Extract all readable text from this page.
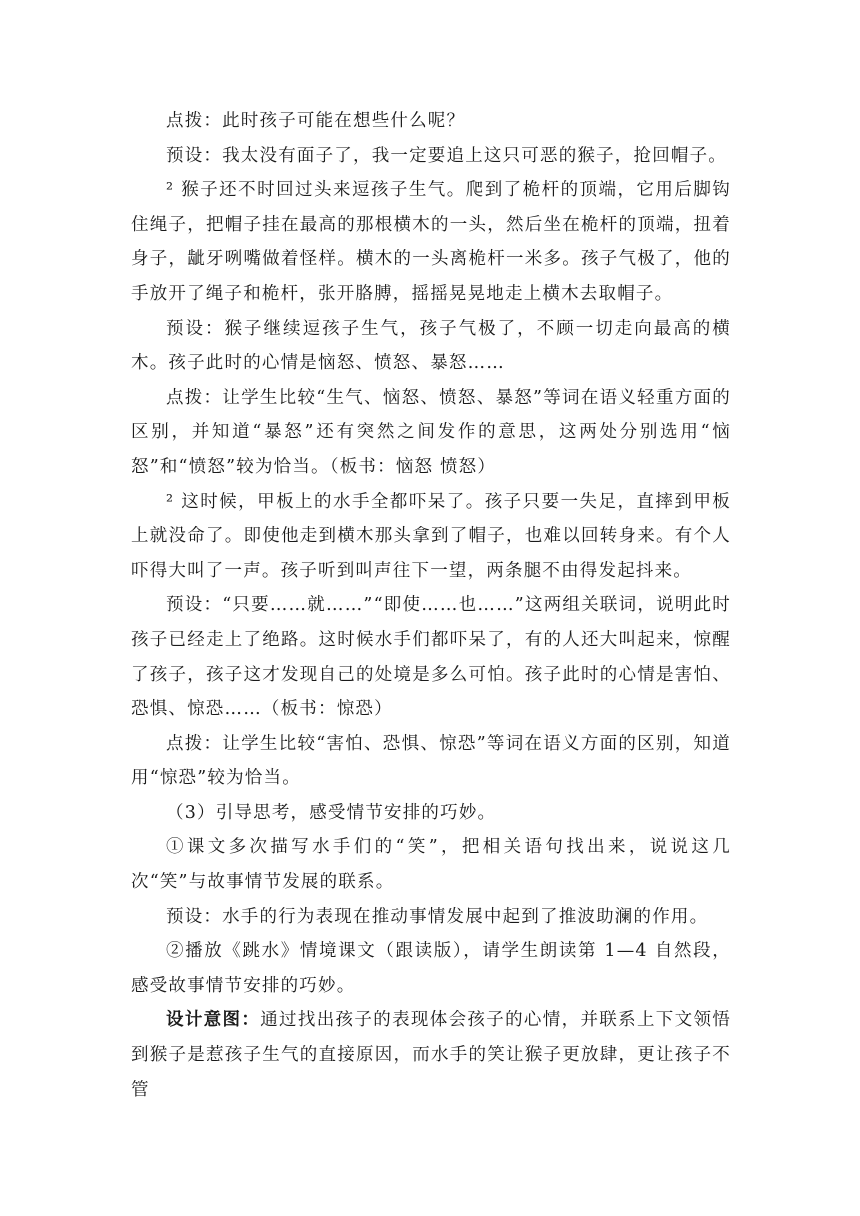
点拨：此时孩子可能在想些什么呢？

预设：我太没有面子了，我一定要追上这只可恶的猴子，抢回帽子。

² 猴子还不时回过头来逗孩子生气。爬到了桅杆的顶端，它用后脚钩住绳子，把帽子挂在最高的那根横木的一头，然后坐在桅杆的顶端，扭着身子，龇牙咧嘴做着怪样。横木的一头离桅杆一米多。孩子气极了，他的手放开了绳子和桅杆，张开胳膊，摇摇晃晃地走上横木去取帽子。

预设：猴子继续逗孩子生气，孩子气极了，不顾一切走向最高的横木。孩子此时的心情是恼怒、愤怒、暴怒……

点拨：让学生比较“生气、恼怒、愤怒、暴怒”等词在语义轻重方面的区别，并知道“暴怒”还有突然之间发作的意思，这两处分别选用“恼怒”和“愤怒”较为恰当。（板书：恼怒 愤怒）

² 这时候，甲板上的水手全都吓呆了。孩子只要一失足，直摔到甲板上就没命了。即使他走到横木那头拿到了帽子，也难以回转身来。有个人吓得大叫了一声。孩子听到叫声往下一望，两条腿不由得发起抖来。

预设：“只要……就……”“即使……也……”这两组关联词，说明此时孩子已经走上了绝路。这时候水手们都吓呆了，有的人还大叫起来，惊醒了孩子，孩子这才发现自己的处境是多么可怕。孩子此时的心情是害怕、恐惧、惊恐……（板书：惊恐）

点拨：让学生比较“害怕、恐惧、惊恐”等词在语义方面的区别，知道用“惊恐”较为恰当。

（3）引导思考，感受情节安排的巧妙。

①课文多次描写水手们的“笑”，把相关语句找出来，说说这几次“笑”与故事情节发展的联系。

预设：水手的行为表现在推动事情发展中起到了推波助澜的作用。

②播放《跳水》情境课文（跟读版），请学生朗读第 1—4 自然段，感受故事情节安排的巧妙。

设计意图：通过找出孩子的表现体会孩子的心情，并联系上下文领悟到猴子是惹孩子生气的直接原因，而水手的笑让猴子更放肆，更让孩子不管
